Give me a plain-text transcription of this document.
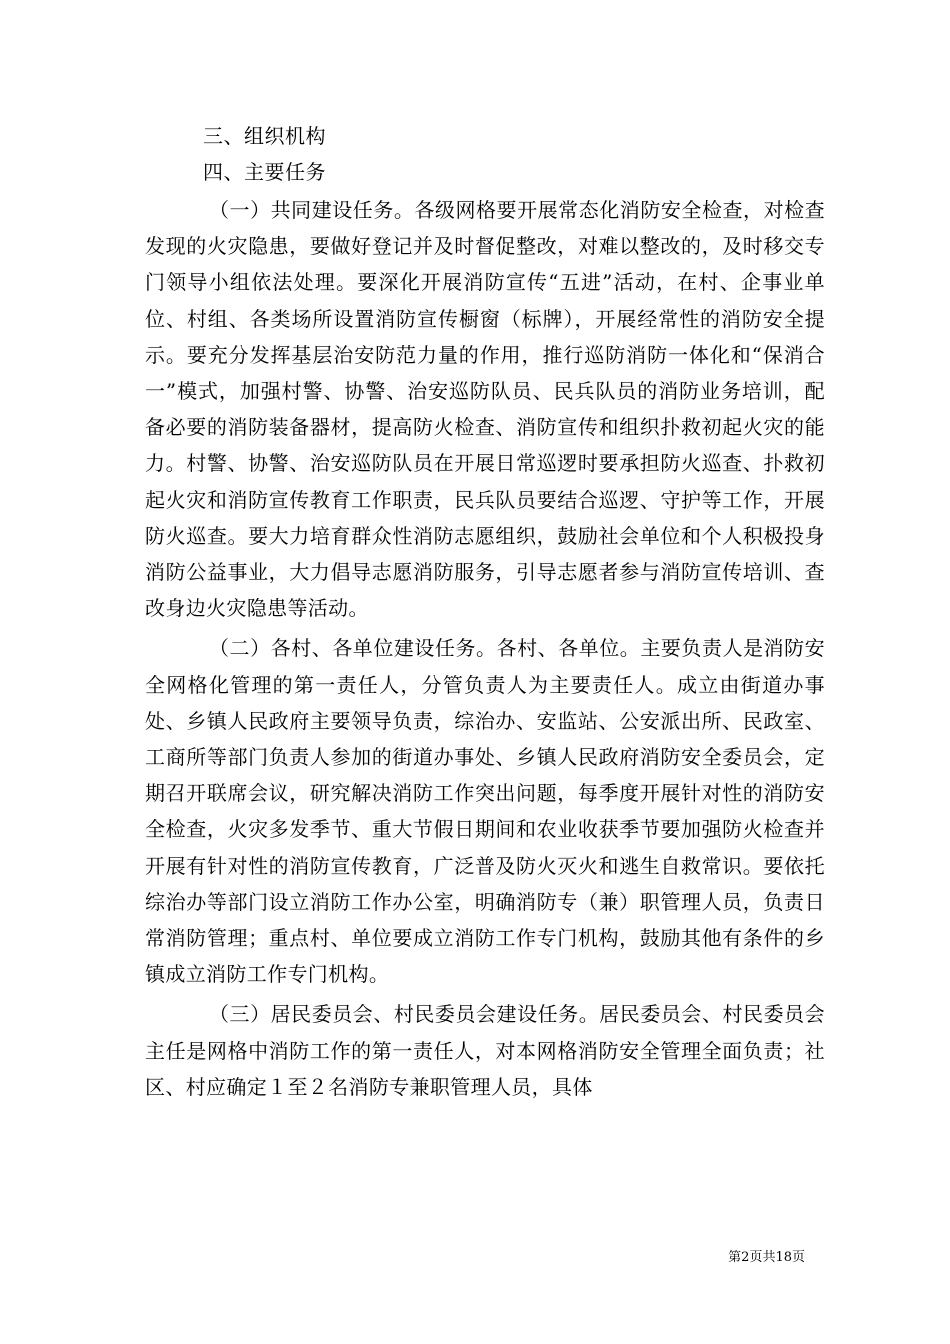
三、组织机构

四、主要任务

（一）共同建设任务。各级网格要开展常态化消防安全检查，对检查发现的火灾隐患，要做好登记并及时督促整改，对难以整改的，及时移交专门领导小组依法处理。要深化开展消防宣传“五进”活动，在村、企事业单位、村组、各类场所设置消防宣传橱窗（标牌），开展经常性的消防安全提示。要充分发挥基层治安防范力量的作用，推行巡防消防一体化和“保消合一”模式，加强村警、协警、治安巡防队员、民兵队员的消防业务培训，配备必要的消防装备器材，提高防火检查、消防宣传和组织扑救初起火灾的能力。村警、协警、治安巡防队员在开展日常巡逻时要承担防火巡查、扑救初起火灾和消防宣传教育工作职责，民兵队员要结合巡逻、守护等工作，开展防火巡查。要大力培育群众性消防志愿组织，鼓励社会单位和个人积极投身消防公益事业，大力倡导志愿消防服务，引导志愿者参与消防宣传培训、查改身边火灾隐患等活动。

（二）各村、各单位建设任务。各村、各单位。主要负责人是消防安全网格化管理的第一责任人，分管负责人为主要责任人。成立由街道办事处、乡镇人民政府主要领导负责，综治办、安监站、公安派出所、民政室、工商所等部门负责人参加的街道办事处、乡镇人民政府消防安全委员会，定期召开联席会议，研究解决消防工作突出问题，每季度开展针对性的消防安全检查，火灾多发季节、重大节假日期间和农业收获季节要加强防火检查并开展有针对性的消防宣传教育，广泛普及防火灭火和逃生自救常识。要依托综治办等部门设立消防工作办公室，明确消防专（兼）职管理人员，负责日常消防管理；重点村、单位要成立消防工作专门机构，鼓励其他有条件的乡镇成立消防工作专门机构。

（三）居民委员会、村民委员会建设任务。居民委员会、村民委员会主任是网格中消防工作的第一责任人，对本网格消防安全管理全面负责；社区、村应确定１至２名消防专兼职管理人员，具体

第2页共18页
